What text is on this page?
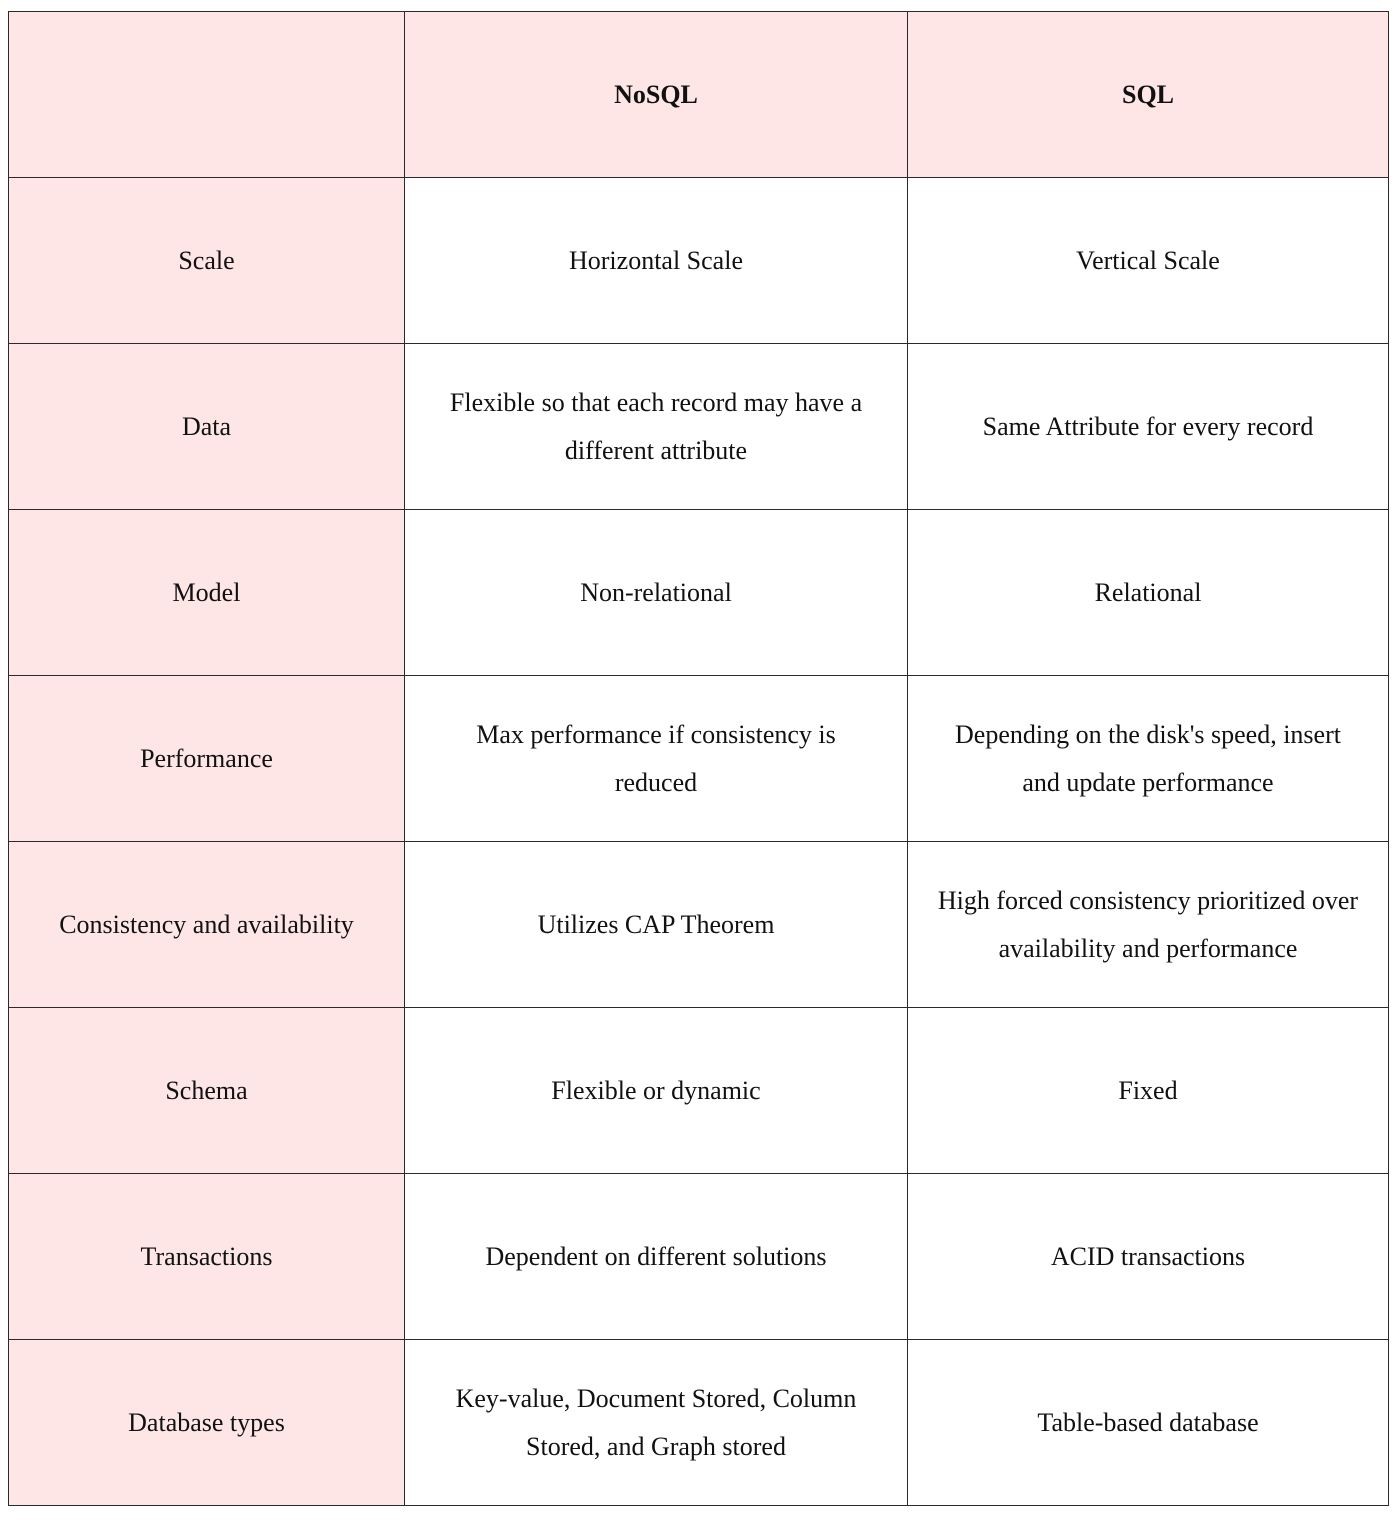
	NoSQL	SQL
Scale	Horizontal Scale	Vertical Scale
Data	Flexible so that each record may have a different attribute	Same Attribute for every record
Model	Non-relational	Relational
Performance	Max performance if consistency is reduced	Depending on the disk's speed, insert and update performance
Consistency and availability	Utilizes CAP Theorem	High forced consistency prioritized over availability and performance
Schema	Flexible or dynamic	Fixed
Transactions	Dependent on different solutions	ACID transactions
Database types	Key-value, Document Stored, Column Stored, and Graph stored	Table-based database
